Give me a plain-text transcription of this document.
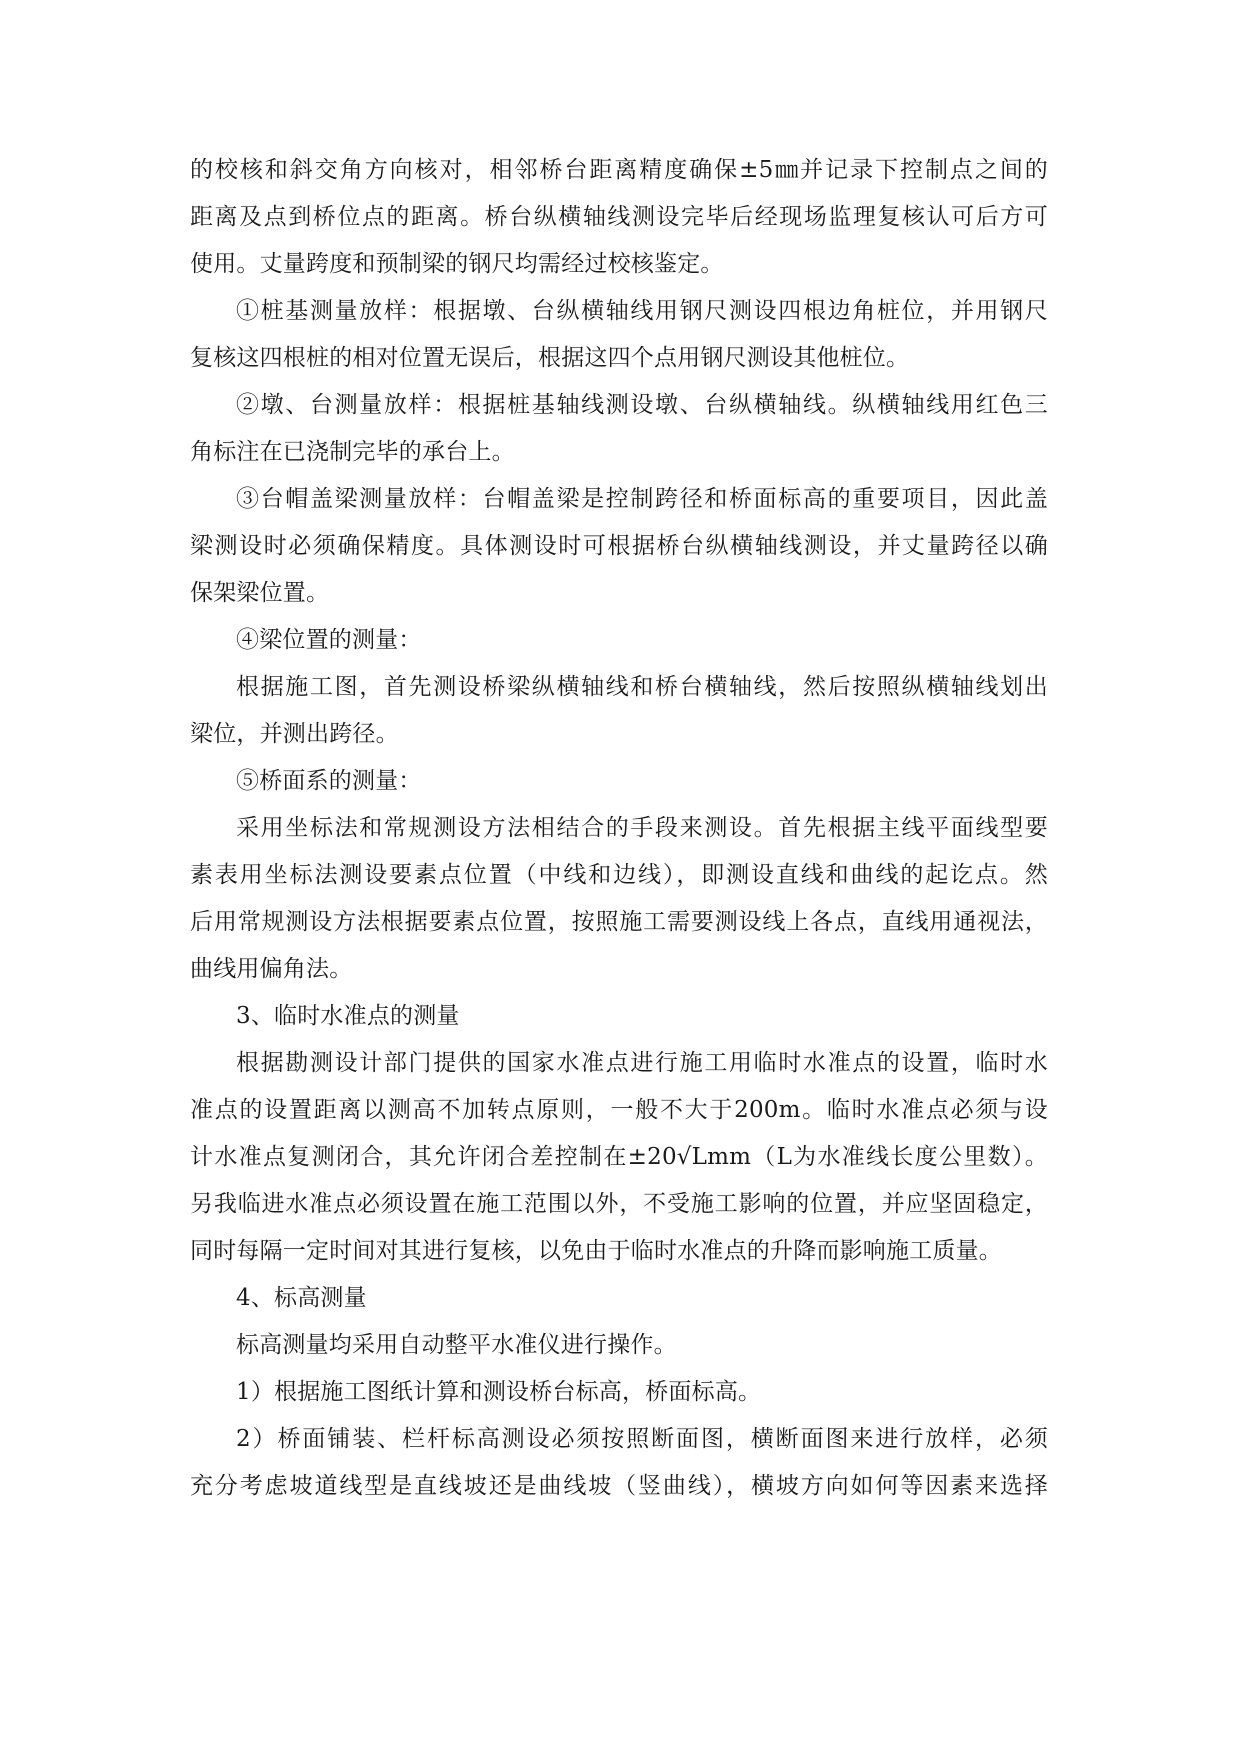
的校核和斜交角方向核对，相邻桥台距离精度确保±5㎜并记录下控制点之间的
距离及点到桥位点的距离。桥台纵横轴线测设完毕后经现场监理复核认可后方可
使用。丈量跨度和预制梁的钢尺均需经过校核鉴定。
①桩基测量放样：根据墩、台纵横轴线用钢尺测设四根边角桩位，并用钢尺
复核这四根桩的相对位置无误后，根据这四个点用钢尺测设其他桩位。
②墩、台测量放样：根据桩基轴线测设墩、台纵横轴线。纵横轴线用红色三
角标注在已浇制完毕的承台上。
③台帽盖梁测量放样：台帽盖梁是控制跨径和桥面标高的重要项目，因此盖
梁测设时必须确保精度。具体测设时可根据桥台纵横轴线测设，并丈量跨径以确
保架梁位置。
④梁位置的测量：
根据施工图，首先测设桥梁纵横轴线和桥台横轴线，然后按照纵横轴线划出
梁位，并测出跨径。
⑤桥面系的测量：
采用坐标法和常规测设方法相结合的手段来测设。首先根据主线平面线型要
素表用坐标法测设要素点位置（中线和边线），即测设直线和曲线的起讫点。然
后用常规测设方法根据要素点位置，按照施工需要测设线上各点，直线用通视法，
曲线用偏角法。
3、临时水准点的测量
根据勘测设计部门提供的国家水准点进行施工用临时水准点的设置，临时水
准点的设置距离以测高不加转点原则，一般不大于200m。临时水准点必须与设
计水准点复测闭合，其允许闭合差控制在±20√Lmm（L为水准线长度公里数）。
另我临进水准点必须设置在施工范围以外，不受施工影响的位置，并应坚固稳定，
同时每隔一定时间对其进行复核，以免由于临时水准点的升降而影响施工质量。
4、标高测量
标高测量均采用自动整平水准仪进行操作。
1）根据施工图纸计算和测设桥台标高，桥面标高。
2）桥面铺装、栏杆标高测设必须按照断面图，横断面图来进行放样，必须
充分考虑坡道线型是直线坡还是曲线坡（竖曲线），横坡方向如何等因素来选择
